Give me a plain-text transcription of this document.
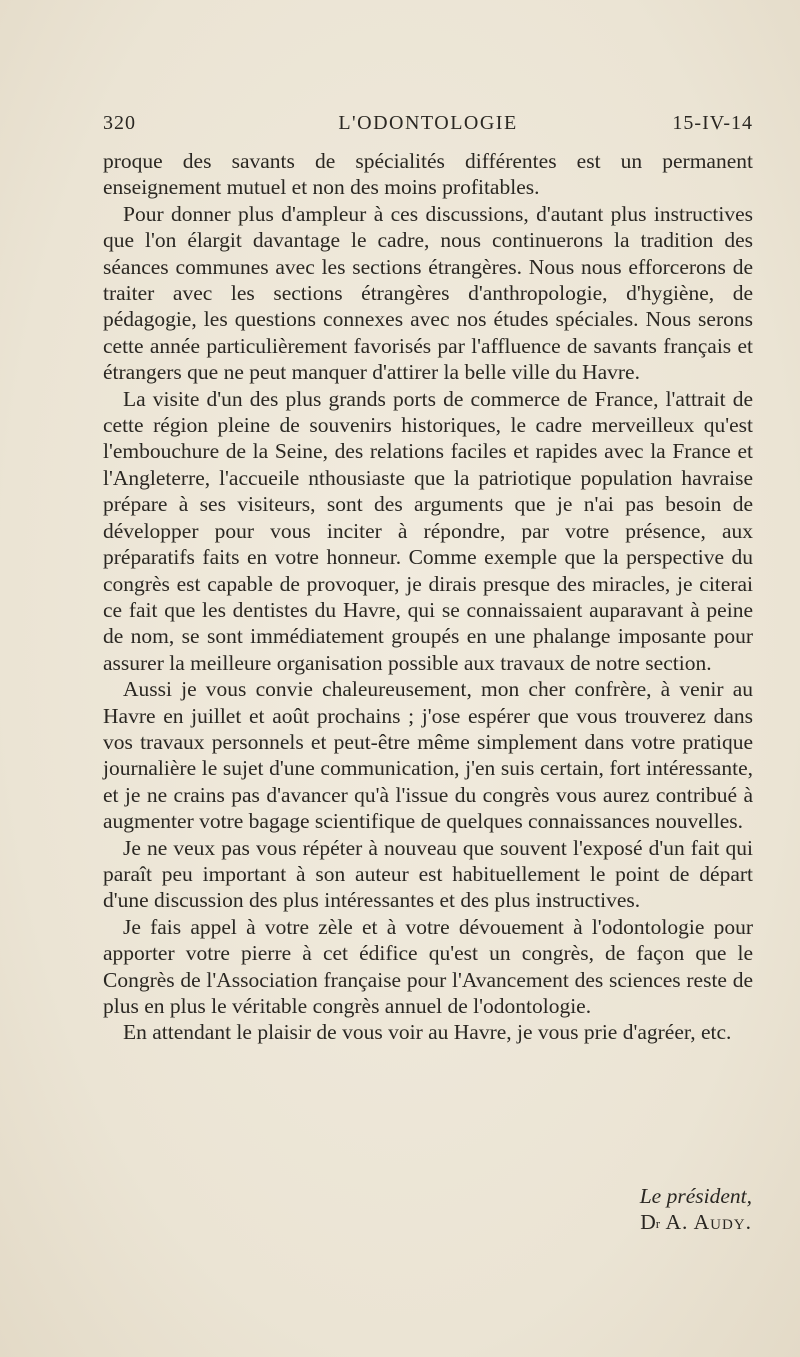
320	L'ODONTOLOGIE	15-IV-14

proque des savants de spécialités différentes est un permanent enseignement mutuel et non des moins profitables.

Pour donner plus d'ampleur à ces discussions, d'autant plus instructives que l'on élargit davantage le cadre, nous continuerons la tradition des séances communes avec les sections étrangères. Nous nous efforcerons de traiter avec les sections étrangères d'anthropologie, d'hygiène, de pédagogie, les questions connexes avec nos études spéciales. Nous serons cette année particulièrement favorisés par l'affluence de savants français et étrangers que ne peut manquer d'attirer la belle ville du Havre.

La visite d'un des plus grands ports de commerce de France, l'attrait de cette région pleine de souvenirs historiques, le cadre merveilleux qu'est l'embouchure de la Seine, des relations faciles et rapides avec la France et l'Angleterre, l'accueile nthousiaste que la patriotique population havraise prépare à ses visiteurs, sont des arguments que je n'ai pas besoin de développer pour vous inciter à répondre, par votre présence, aux préparatifs faits en votre honneur. Comme exemple que la perspective du congrès est capable de provoquer, je dirais presque des miracles, je citerai ce fait que les dentistes du Havre, qui se connaissaient auparavant à peine de nom, se sont immédiatement groupés en une phalange imposante pour assurer la meilleure organisation possible aux travaux de notre section.

Aussi je vous convie chaleureusement, mon cher confrère, à venir au Havre en juillet et août prochains ; j'ose espérer que vous trouverez dans vos travaux personnels et peut-être même simplement dans votre pratique journalière le sujet d'une communication, j'en suis certain, fort intéressante, et je ne crains pas d'avancer qu'à l'issue du congrès vous aurez contribué à augmenter votre bagage scientifique de quelques connaissances nouvelles.

Je ne veux pas vous répéter à nouveau que souvent l'exposé d'un fait qui paraît peu important à son auteur est habituellement le point de départ d'une discussion des plus intéressantes et des plus instructives.

Je fais appel à votre zèle et à votre dévouement à l'odontologie pour apporter votre pierre à cet édifice qu'est un congrès, de façon que le Congrès de l'Association française pour l'Avancement des sciences reste de plus en plus le véritable congrès annuel de l'odontologie.

En attendant le plaisir de vous voir au Havre, je vous prie d'agréer, etc.

Le président,
$D^r$ A. Audy.
